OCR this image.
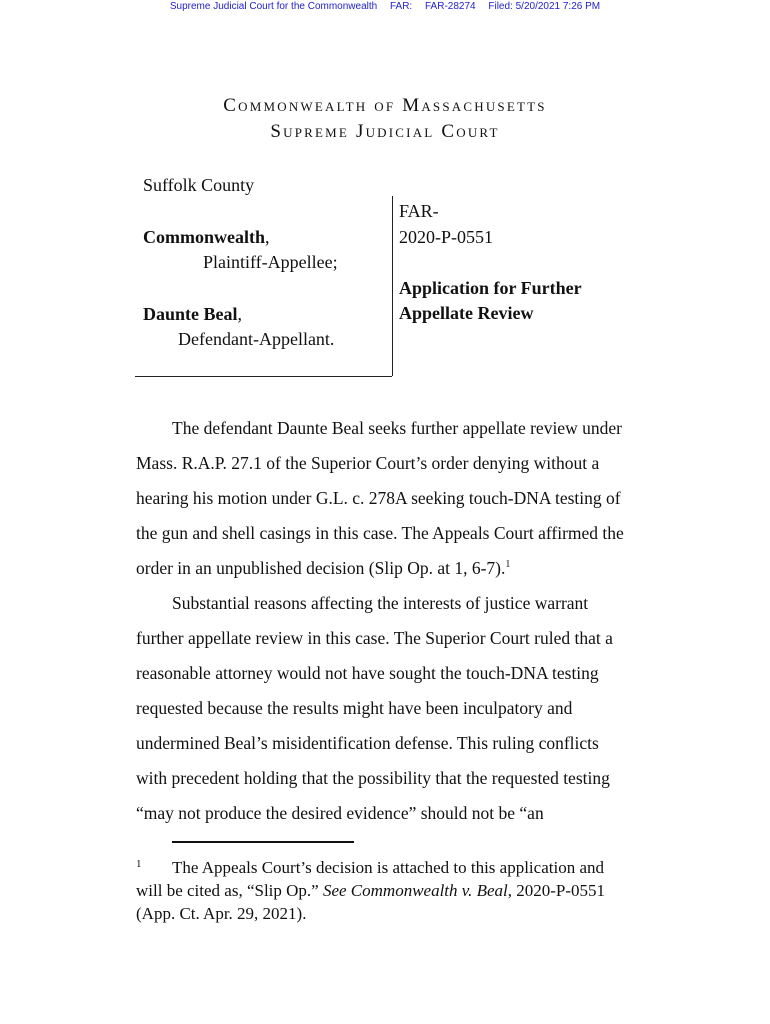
Supreme Judicial Court for the Commonwealth FAR: FAR-28274 Filed: 5/20/2021 7:26 PM
Commonwealth of Massachusetts
Supreme Judicial Court
Suffolk County
Commonwealth,
Plaintiff-Appellee;
Daunte Beal,
Defendant-Appellant.
FAR-
2020-P-0551
Application for Further
Appellate Review
The defendant Daunte Beal seeks further appellate review under
Mass. R.A.P. 27.1 of the Superior Court’s order denying without a
hearing his motion under G.L. c. 278A seeking touch-DNA testing of
the gun and shell casings in this case. The Appeals Court affirmed the
order in an unpublished decision (Slip Op. at 1, 6-7).$^1$
Substantial reasons affecting the interests of justice warrant
further appellate review in this case. The Superior Court ruled that a
reasonable attorney would not have sought the touch-DNA testing
requested because the results might have been inculpatory and
undermined Beal’s misidentification defense. This ruling conflicts
with precedent holding that the possibility that the requested testing
“may not produce the desired evidence” should not be “an
1 The Appeals Court’s decision is attached to this application and
will be cited as, “Slip Op.” See Commonwealth v. Beal, 2020-P-0551
(App. Ct. Apr. 29, 2021).
